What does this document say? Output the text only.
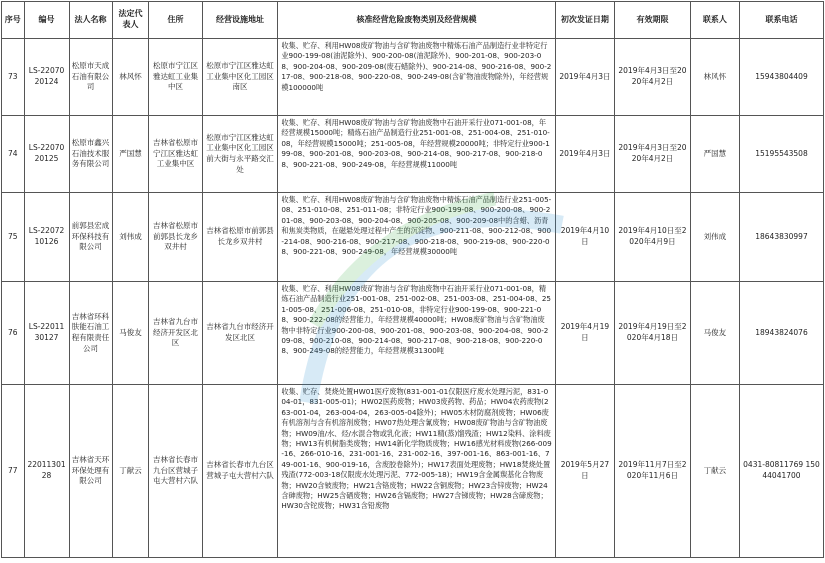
序号	编号	法人名称	法定代表人	住所	经营设施地址	核准经营危险废物类别及经营规模	初次发证日期	有效期限	联系人	联系电话
73	LS-2207020124	松原市天成石油有限公司	林风怀	松原市宁江区雅达虹工业集中区	松原市宁江区雅达虹工业集中区化工园区南区	收集、贮存、利用HW08废矿物油与含矿物油废物中精炼石油产品制造行业非特定行业900-199-08(油泥除外)、900-200-08(油泥除外)、900-201-08、900-203-08、900-204-08、900-209-08(废石蜡除外)、900-214-08、900-216-08、900-217-08、900-218-08、900-220-08、900-249-08(含矿物油废物除外)，年经营规模100000吨	2019年4月3日	2019年4月3日至2020年4月2日	林风怀	15943804409
74	LS-2207020125	松原市鑫兴石油技术服务有限公司	严国慧	吉林省松原市宁江区雅达虹工业集中区	松原市宁江区雅达虹工业集中区化工园区前大街与永平路交汇处	收集、贮存、利用HW08废矿物油与含矿物油废物中石油开采行业071-001-08，年经营规模15000吨；精炼石油产品制造行业251-001-08、251-004-08、251-010-08，年经营规模15000吨；251-005-08，年经营规模20000吨；非特定行业900-199-08、900-201-08、900-203-08、900-214-08、900-217-08、900-218-08、900-221-08、900-249-08，年经营规模11000吨	2019年4月3日	2019年4月3日至2020年4月2日	严国慧	15195543508
75	LS-2207210126	前郭县宏成环保科技有限公司	刘伟成	吉林省松原市前郭县长龙乡双井村	吉林省松原市前郭县长龙乡双井村	收集、贮存、利用HW08废矿物油与含矿物油废物中精炼石油产品制造行业251-005-08、251-010-08、251-011-08；非特定行业900-199-08、900-200-08、900-201-08、900-203-08、900-204-08、900-205-08、900-209-08中的含蜡、沥青和焦炭类物质，在磁悬处理过程中产生的沉淀物、900-211-08、900-212-08、900-214-08、900-216-08、900-217-08、900-218-08、900-219-08、900-220-08、900-221-08、900-249-08，年经营规模30000吨	2019年4月10日	2019年4月10日至2020年4月9日	刘伟成	18643830997
76	LS-2201130127	吉林省环科肤能石油工程有限责任公司	马俊友	吉林省九台市经济开发区北区	吉林省九台市经济开发区北区	收集、贮存、利用HW08废矿物油与含矿物油废物中石油开采行业071-001-08，精炼石油产品制造行业251-001-08、251-002-08、251-003-08、251-004-08、251-005-08、251-006-08、251-010-08，非特定行业900-199-08、900-221-08、900-222-08的经营能力，年经营规模40000吨；HW08废矿物油与含矿物油废物中非特定行业900-200-08、900-201-08、900-203-08、900-204-08、900-209-08、900-210-08、900-214-08、900-217-08、900-218-08、900-220-08、900-249-08的经营能力，年经营规模31300吨	2019年4月19日	2019年4月19日至2020年4月18日	马俊友	18943824076
77	2201130128	吉林省天环环保处理有限公司	丁献云	吉林省长春市九台区营城子屯大营村六队	吉林省长春市九台区营城子屯大营村六队	收集、贮存、焚烧处置HW01医疗废物(831-001-01仅限医疗废水处理污泥，831-004-01，831-005-01)；HW02医药废物；HW03废药物、药品；HW04农药废物(263-001-04，263-004-04，263-005-04除外)；HW05木材防腐剂废物；HW06废有机溶剂与含有机溶剂废物；HW07热处理含氰废物；HW08废矿物油与含矿物油废物；HW09油/水、烃/水混合物或乳化液；HW11精(蒸)馏残渣；HW12染料、涂料废物；HW13有机树脂类废物；HW14新化学物质废物；HW16感光材料废物(266-009-16、266-010-16、231-001-16、231-002-16、397-001-16、863-001-16、749-001-16、900-019-16，含废胶卷除外)；HW17表面处理废物；HW18焚烧处置残渣(772-003-18仅限废水处理污泥、772-005-18)；HW19含金属羰基化合物废物；HW20含铍废物；HW21含铬废物；HW22含铜废物；HW23含锌废物；HW24含砷废物；HW25含硒废物；HW26含镉废物；HW27含锑废物；HW28含碲废物；HW30含铊废物；HW31含铅废物	2019年5月27日	2019年11月7日至2020年11月6日	丁献云	0431-80811769 15044041700
